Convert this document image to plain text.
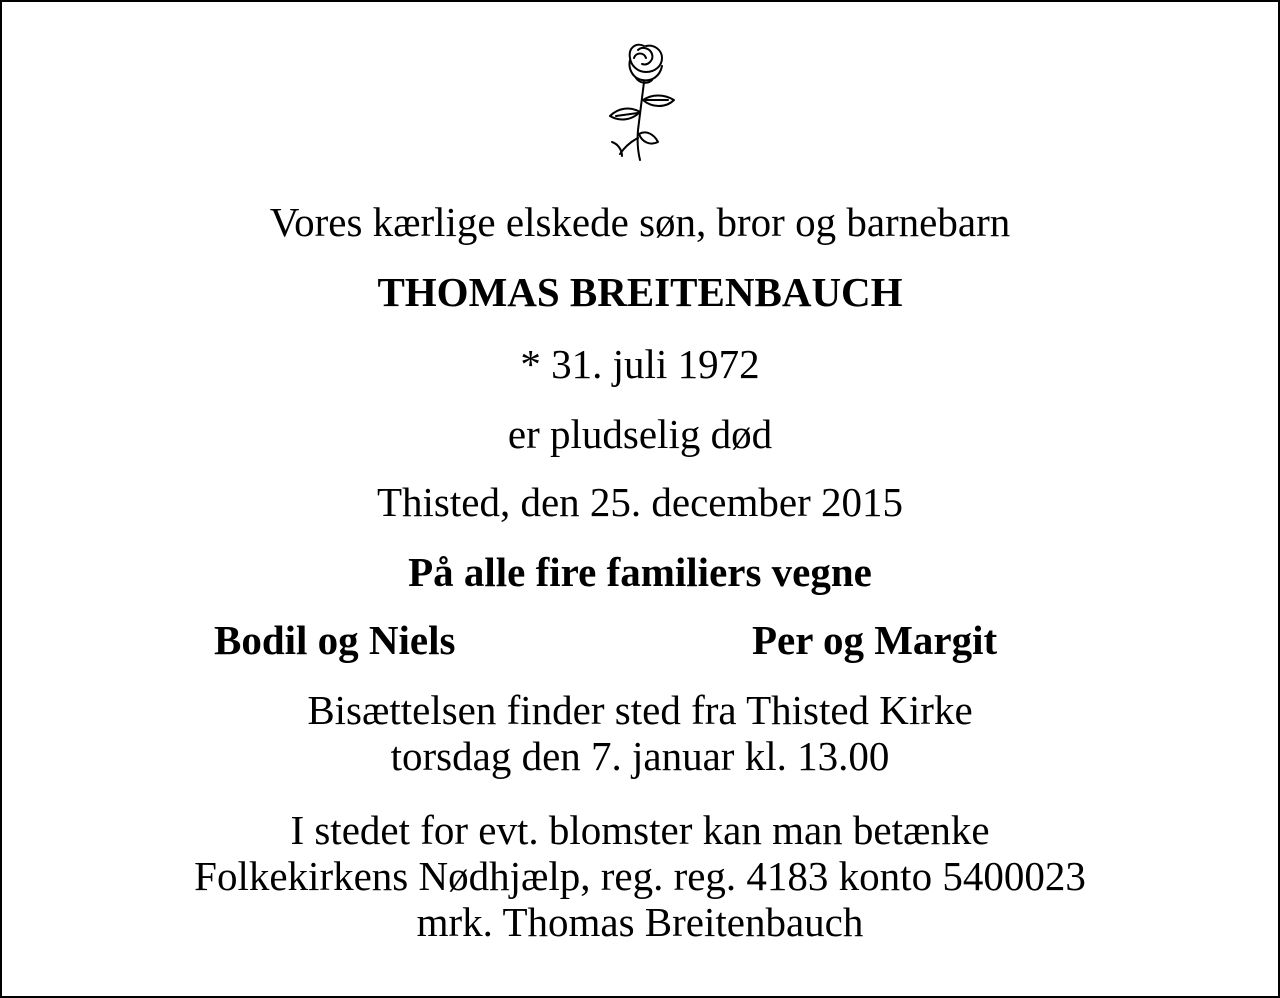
Vores kærlige elskede søn, bror og barnebarn
THOMAS BREITENBAUCH
* 31. juli 1972
er pludselig død
Thisted, den 25. december 2015
På alle fire familiers vegne
Bodil og Niels	Per og Margit
Bisættelsen finder sted fra Thisted Kirke
torsdag den 7. januar kl. 13.00
I stedet for evt. blomster kan man betænke
Folkekirkens Nødhjælp, reg. reg. 4183 konto 5400023
mrk. Thomas Breitenbauch
